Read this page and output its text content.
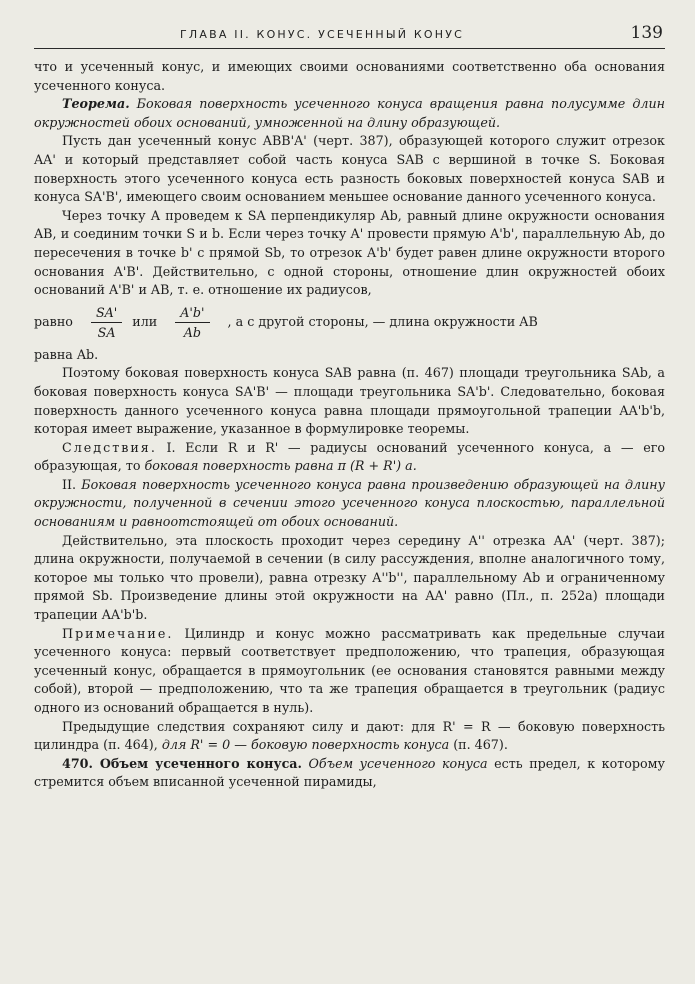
ГЛАВА II. КОНУС. УСЕЧЕННЫЙ КОНУС	139

что и усеченный конус, и имеющих своими основаниями соответственно оба основания усеченного конуса.

Теорема. Боковая поверхность усеченного конуса вращения равна полусумме длин окружностей обоих оснований, умноженной на длину образующей.

Пусть дан усеченный конус ABB'A' (черт. 387), образующей которого служит отрезок AA' и который представляет собой часть конуса SAB с вершиной в точке S. Боковая поверхность этого усеченного конуса есть разность боковых поверхностей конуса SAB и конуса SA'B', имеющего своим основанием меньшее основание данного усеченного конуса.

Через точку A проведем к SA перпендикуляр Ab, равный длине окружности основания AB, и соединим точки S и b. Если через точку A' провести прямую A'b', параллельную Ab, до пересечения в точке b' с прямой Sb, то отрезок A'b' будет равен длине окружности второго основания A'B'. Действительно, с одной стороны, отношение длин окружностей обоих оснований A'B' и AB, т. е. отношение их радиусов,

равно $\frac{SA'}{SA}$ или $\frac{A'b'}{Ab}$ , а с другой стороны, — длина окружности AB

равна Ab.

Поэтому боковая поверхность конуса SAB равна (п. 467) площади треугольника SAb, а боковая поверхность конуса SA'B' — площади треугольника SA'b'. Следовательно, боковая поверхность данного усеченного конуса равна площади прямоугольной трапеции AA'b'b, которая имеет выражение, указанное в формулировке теоремы.

Следствия. I. Если R и R' — радиусы оснований усеченного конуса, a — его образующая, то боковая поверхность равна π (R + R') a.

II. Боковая поверхность усеченного конуса равна произведению образующей на длину окружности, полученной в сечении этого усеченного конуса плоскостью, параллельной основаниям и равноотстоящей от обоих оснований.

Действительно, эта плоскость проходит через середину A'' отрезка AA' (черт. 387); длина окружности, получаемой в сечении (в силу рассуждения, вполне аналогичного тому, которое мы только что провели), равна отрезку A''b'', параллельному Ab и ограниченному прямой Sb. Произведение длины этой окружности на AA' равно (Пл., п. 252a) площади трапеции AA'b'b.

Примечание. Цилиндр и конус можно рассматривать как предельные случаи усеченного конуса: первый соответствует предположению, что трапеция, образующая усеченный конус, обращается в прямоугольник (ее основания становятся равными между собой), второй — предположению, что та же трапеция обращается в треугольник (радиус одного из оснований обращается в нуль).

Предыдущие следствия сохраняют силу и дают: для R' = R — боковую поверхность цилиндра (п. 464), для R' = 0 — боковую поверхность конуса (п. 467).

470. Объем усеченного конуса. Объем усеченного конуса есть предел, к которому стремится объем вписанной усеченной пирамиды,
